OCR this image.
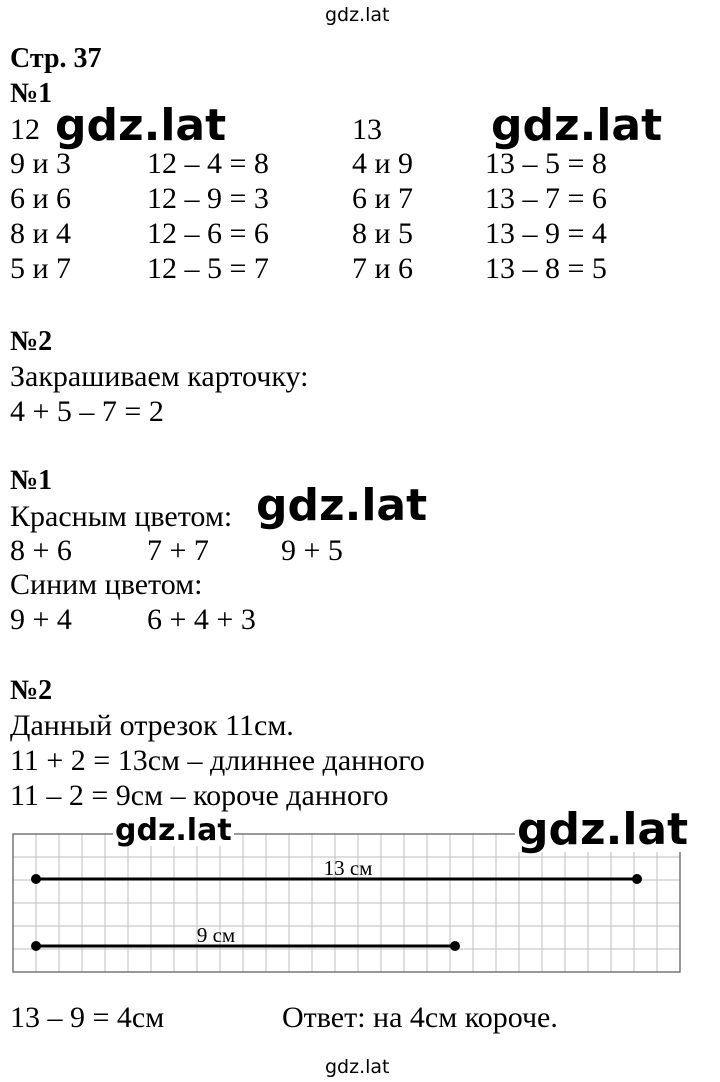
gdz.lat
gdz.lat	gdz.lat
gdz.lat
Стр. 37
№1
12	13
9 и 3	12 – 4 = 8	4 и 9 13 – 5 = 8
6 и 6	12 – 9 = 3	6 и 7 13 – 7 = 6
8 и 4	12 – 6 = 6	8 и 5 13 – 9 = 4
5 и 7	12 – 5 = 7	7 и 6 13 – 8 = 5
№2
Закрашиваем карточку:
4 + 5 – 7 = 2
№1
Красным цветом:
8 + 6	7 + 7 9 + 5
Синим цветом:
9 + 4	6 + 4 + 3
№2
Данный отрезок 11см.
11 + 2 = 13см – длиннее данного
11 – 2 = 9см – короче данного
13 см
9 см
gdz.lat	gdz.lat
13 – 9 = 4см	Ответ: на 4см короче.
gdz.lat
